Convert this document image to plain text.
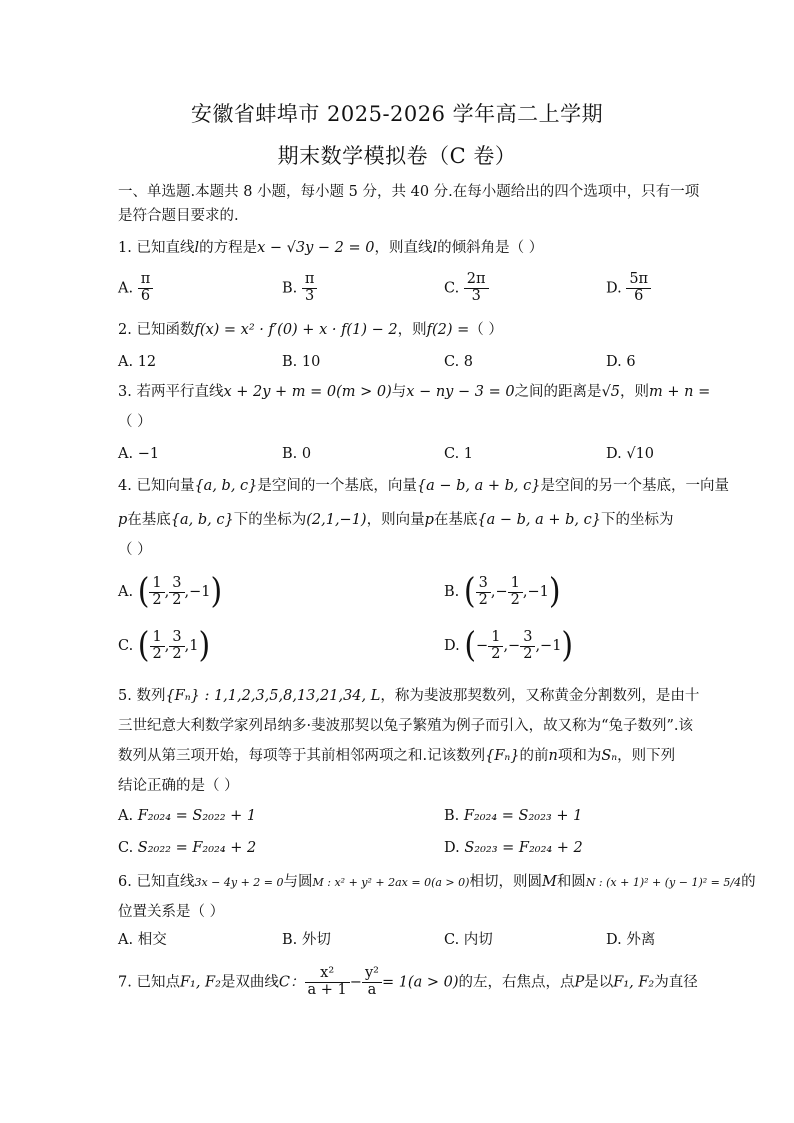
安徽省蚌埠市 2025-2026 学年高二上学期
期末数学模拟卷（C 卷）
一、单选题.本题共 8 小题，每小题 5 分，共 40 分.在每小题给出的四个选项中，只有一项
是符合题目要求的.
1. 已知直线l的方程是x − √3y − 2 = 0，则直线l的倾斜角是（ ）
A. $\frac{\pi}{6}$	B. $\frac{\pi}{3}$	C. $\frac{2\pi}{3}$	D. $\frac{5\pi}{6}$
2. 已知函数f(x) = x² · f′(0) + x · f(1) − 2，则f(2) =（ ）
A. 12	B. 10	C. 8	D. 6
3. 若两平行直线x + 2y + m = 0(m > 0)与x − ny − 3 = 0之间的距离是√5，则m + n =
（ ）
A. −1	B. 0	C. 1	D. √10
4. 已知向量{a, b, c}是空间的一个基底，向量{a − b, a + b, c}是空间的另一个基底，一向量
p在基底{a, b, c}下的坐标为(2,1,−1)，则向量p在基底{a − b, a + b, c}下的坐标为
（ ）
A. ( $\frac{1}{2}$ , $\frac{3}{2} ,-1$)	B. ( $\frac{3}{2}$ ,− $\frac{1}{2} ,-1$)
C. ( $\frac{1}{2}$ , $\frac{3}{2} ,1$)	D. (− $\frac{1}{2}$ ,− $\frac{3}{2} ,-1$)
5. 数列{Fₙ} : 1,1,2,3,5,8,13,21,34, L，称为斐波那契数列，又称黄金分割数列，是由十
三世纪意大利数学家列昂纳多·斐波那契以兔子繁殖为例子而引入，故又称为“兔子数列”.该
数列从第三项开始，每项等于其前相邻两项之和.记该数列{Fₙ}的前n项和为Sₙ，则下列
结论正确的是（ ）
A. F₂₀₂₄ = S₂₀₂₂ + 1	B. F₂₀₂₄ = S₂₀₂₃ + 1
C. S₂₀₂₂ = F₂₀₂₄ + 2	D. S₂₀₂₃ = F₂₀₂₄ + 2
6. 已知直线3x − 4y + 2 = 0与圆M : x² + y² + 2ax = 0(a > 0)相切，则圆M和圆N : (x + 1)² + (y − 1)² = 5/4的
位置关系是（ ）
A. 相交	B. 外切	C. 内切	D. 外离
7. 已知点F₁, F₂是双曲线C： $\frac{\text{x²}}{a + 1} - \frac{\text{y²}}{a} = 1(a > 0)$的左，右焦点，点P是以F₁, F₂为直径
